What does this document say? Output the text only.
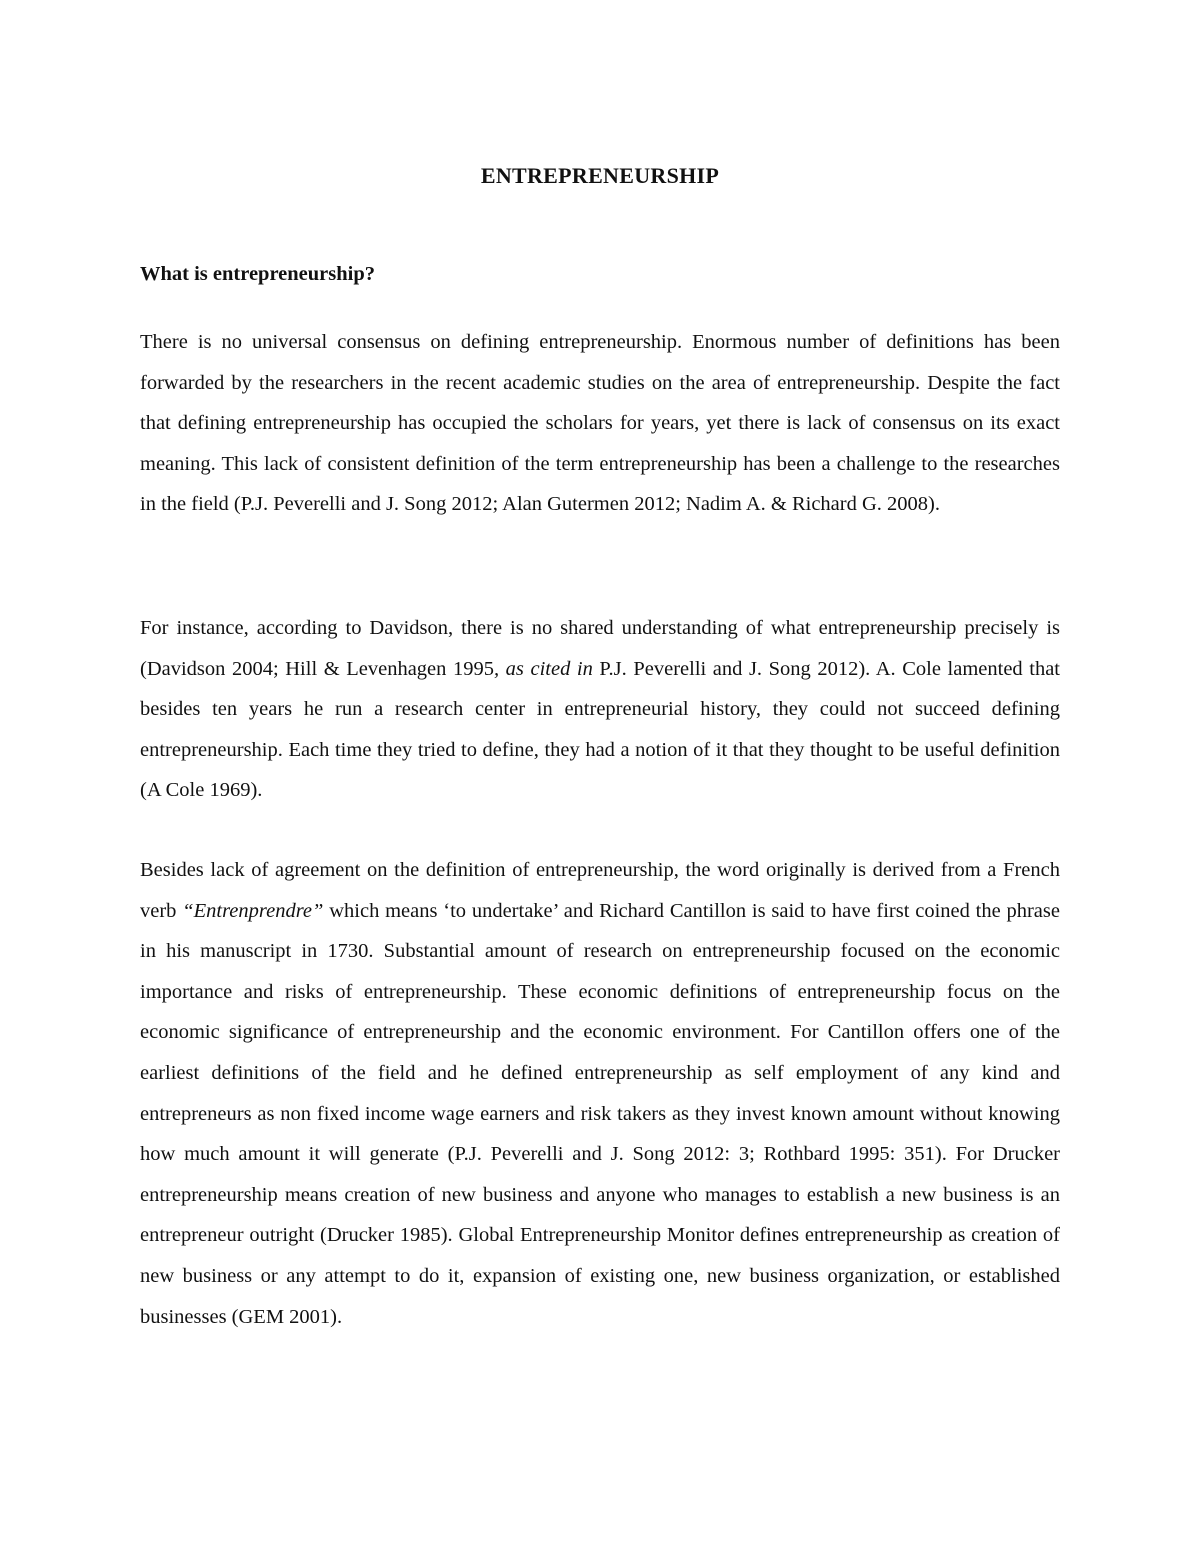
ENTREPRENEURSHIP
What is entrepreneurship?

There is no universal consensus on defining entrepreneurship. Enormous number of definitions has been forwarded by the researchers in the recent academic studies on the area of entrepreneurship. Despite the fact that defining entrepreneurship has occupied the scholars for years, yet there is lack of consensus on its exact meaning. This lack of consistent definition of the term entrepreneurship has been a challenge to the researches in the field (P.J. Peverelli and J. Song 2012; Alan Gutermen 2012; Nadim A. & Richard G. 2008).

For instance, according to Davidson, there is no shared understanding of what entrepreneurship precisely is (Davidson 2004; Hill & Levenhagen 1995, as cited in P.J. Peverelli and J. Song 2012). A. Cole lamented that besides ten years he run a research center in entrepreneurial history, they could not succeed defining entrepreneurship. Each time they tried to define, they had a notion of it that they thought to be useful definition (A Cole 1969).

Besides lack of agreement on the definition of entrepreneurship, the word originally is derived from a French verb “Entrenprendre” which means ‘to undertake’ and Richard Cantillon is said to have first coined the phrase in his manuscript in 1730. Substantial amount of research on entrepreneurship focused on the economic importance and risks of entrepreneurship. These economic definitions of entrepreneurship focus on the economic significance of entrepreneurship and the economic environment. For Cantillon offers one of the earliest definitions of the field and he defined entrepreneurship as self employment of any kind and entrepreneurs as non fixed income wage earners and risk takers as they invest known amount without knowing how much amount it will generate (P.J. Peverelli and J. Song 2012: 3; Rothbard 1995: 351). For Drucker entrepreneurship means creation of new business and anyone who manages to establish a new business is an entrepreneur outright (Drucker 1985). Global Entrepreneurship Monitor defines entrepreneurship as creation of new business or any attempt to do it, expansion of existing one, new business organization, or established businesses (GEM 2001).
